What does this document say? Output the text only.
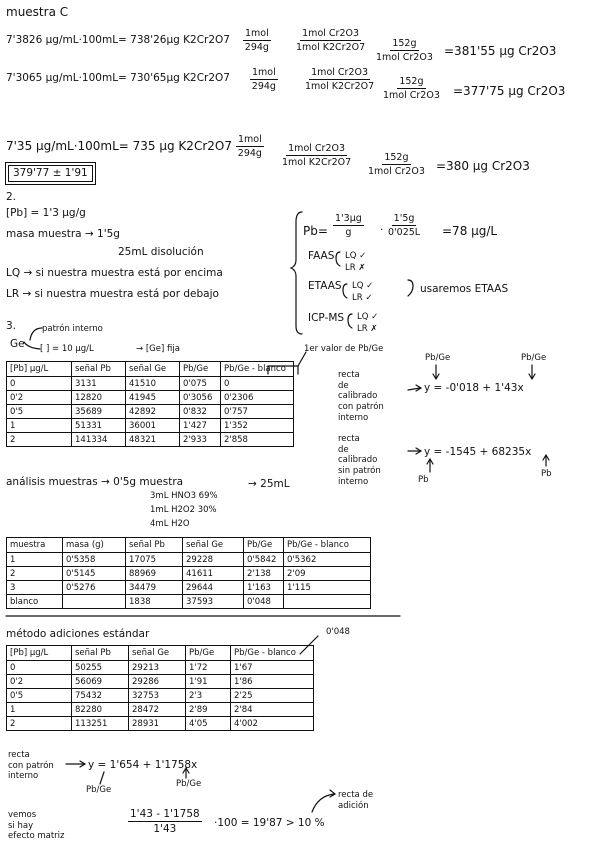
muestra C
7'3826 µg/mL·100mL= 738'26µg K2Cr2O7
1mol
294g
1mol Cr2O3
1mol K2Cr2O7	152g
1mol Cr2O3 =381'55 µg Cr2O3
7'3065 µg/mL·100mL= 730'65µg K2Cr2O7 1mol
294g
1mol Cr2O3
1mol K2Cr2O7	152g
1mol Cr2O3 =377'75 µg Cr2O3
7'35 µg/mL·100mL= 735 µg K2Cr2O7 1mol
294g	1mol Cr2O3
1mol K2Cr2O7	152g
1mol Cr2O3 =380 µg Cr2O3
379'77 ± 1'91
2.
[Pb] = 1'3 µg/g
masa muestra → 1'5g
25mL disolución
LQ → si nuestra muestra está por encima
LR → si nuestra muestra está por debajo
Pb=
1'3µg
g	· $\frac{1'5g}{0'025L} =78$ µg/L
FAAS LQ ✓
LR ✗
ETAAS LQ ✓
LR ✓
usaremos ETAAS
ICP-MS LQ ✓
LR ✗
3.	patrón interno
Ge [ ] = 10 µg/L	→ [Ge] fija	1er valor de Pb/Ge
[Pb] µg/L	señal Pb	señal Ge	Pb/Ge	Pb/Ge - blanco
0	3131	41510	0'075	0
0'2	12820	41945	0'3056	0'2306
0'5	35689	42892	0'832	0'757
1	51331	36001	1'427	1'352
2	141334	48321	2'933	2'858
recta
de
calibrado
con patrón
interno
recta
de
calibrado
sin patrón
interno
Pb/Ge	Pb/Ge
y = -0'018 + 1'43x
y = -1545 + 68235x
Pb
Pb
análisis muestras → 0'5g muestra
3mL HNO3 69%
1mL H2O2 30%
4mL H2O
→ 25mL
muestra	masa (g)	señal Pb	señal Ge	Pb/Ge	Pb/Ge - blanco
1	0'5358	17075	29228	0'5842	0'5362
2	0'5145	88969	41611	2'138	2'09
3	0'5276	34479	29644	1'163	1'115
blanco		1838	37593	0'048	
método adiciones estándar	0'048
[Pb] µg/L	señal Pb	señal Ge	Pb/Ge	Pb/Ge - blanco
0	50255	29213	1'72	1'67
0'2	56069	29286	1'91	1'86
0'5	75432	32753	2'3	2'25
1	82280	28472	2'89	2'84
2	113251	28931	4'05	4'002
recta
con patrón
interno
y = 1'654 + 1'1758x
Pb/Ge
Pb/Ge
vemos
si hay
efecto matriz
$\frac{1'43 - 1'1758}{1'43} \cdot 100 = 19'87 > 10$ %
recta de
adición
